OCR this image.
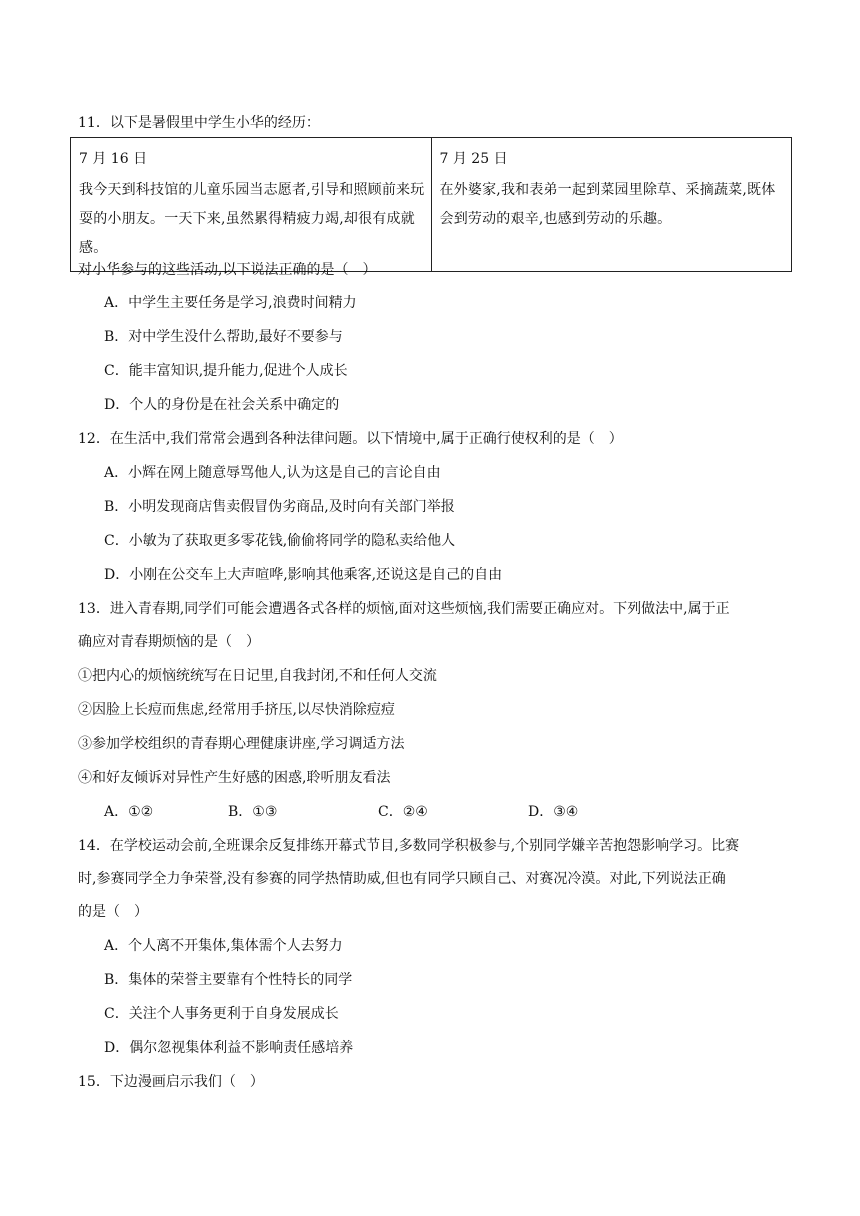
11．以下是暑假里中学生小华的经历：
7 月 16 日
我今天到科技馆的儿童乐园当志愿者,引导和照顾前来玩耍的小朋友。一天下来,虽然累得精疲力竭,却很有成就感。

7 月 25 日
在外婆家,我和表弟一起到菜园里除草、采摘蔬菜,既体会到劳动的艰辛,也感到劳动的乐趣。
对小华参与的这些活动,以下说法正确的是（　）
A．中学生主要任务是学习,浪费时间精力
B．对中学生没什么帮助,最好不要参与
C．能丰富知识,提升能力,促进个人成长
D．个人的身份是在社会关系中确定的
12．在生活中,我们常常会遇到各种法律问题。以下情境中,属于正确行使权利的是（　）
A．小辉在网上随意辱骂他人,认为这是自己的言论自由
B．小明发现商店售卖假冒伪劣商品,及时向有关部门举报
C．小敏为了获取更多零花钱,偷偷将同学的隐私卖给他人
D．小刚在公交车上大声喧哗,影响其他乘客,还说这是自己的自由
13．进入青春期,同学们可能会遭遇各式各样的烦恼,面对这些烦恼,我们需要正确应对。下列做法中,属于正
确应对青春期烦恼的是（　）
①把内心的烦恼统统写在日记里,自我封闭,不和任何人交流
②因脸上长痘而焦虑,经常用手挤压,以尽快消除痘痘
③参加学校组织的青春期心理健康讲座,学习调适方法
④和好友倾诉对异性产生好感的困惑,聆听朋友看法
A．①②	B．①③	C．②④	D．③④
14．在学校运动会前,全班课余反复排练开幕式节目,多数同学积极参与,个别同学嫌辛苦抱怨影响学习。比赛
时,参赛同学全力争荣誉,没有参赛的同学热情助威,但也有同学只顾自己、对赛况冷漠。对此,下列说法正确
的是（　）
A．个人离不开集体,集体需个人去努力
B．集体的荣誉主要靠有个性特长的同学
C．关注个人事务更利于自身发展成长
D．偶尔忽视集体利益不影响责任感培养
15．下边漫画启示我们（　）
